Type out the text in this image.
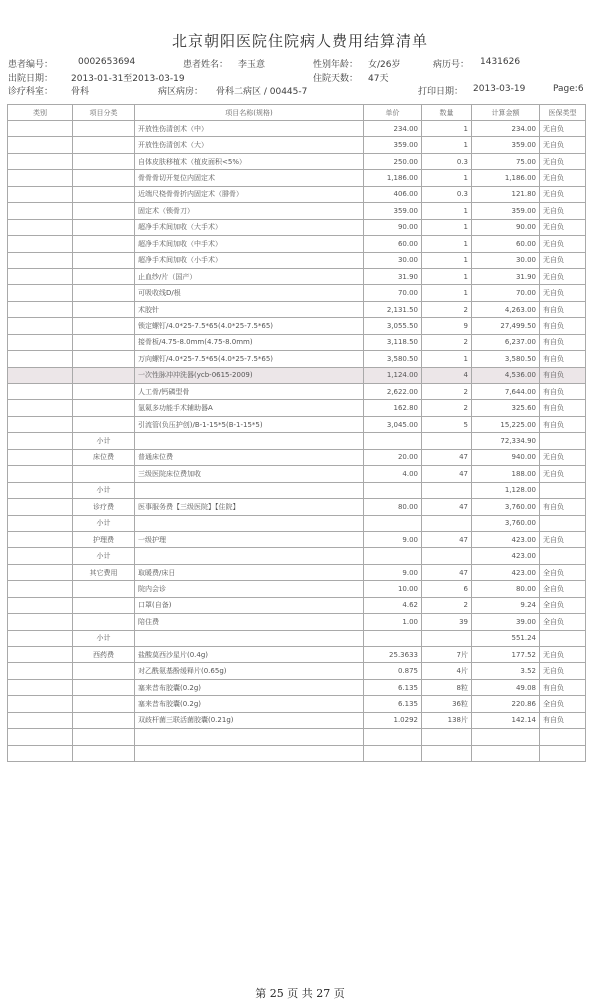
北京朝阳医院住院病人费用结算清单
患者编号：	0002653694	患者姓名： 李玉意	性别年龄： 女/26岁	病历号： 1431626
出院日期： 2013-01-31至2013-03-19	住院天数： 47天
诊疗科室： 骨科	病区病房： 骨科二病区 / 00445-7	打印日期： 2013-03-19	Page:6
类别	项目分类	项目名称(规格)	单价	数量	计算金额	医保类型
		开放性伤清创术（中）	234.00	1	234.00	无自负
		开放性伤清创术（大）	359.00	1	359.00	无自负
		自体皮肤移植术（植皮面积<5%）	250.00	0.3	75.00	无自负
		骨骨骨切开复位内固定术	1,186.00	1	1,186.00	无自负
		近端尺桡骨骨折内固定术（腓骨）	406.00	0.3	121.80	无自负
		固定术（锁骨刀）	359.00	1	359.00	无自负
		超净手术间加收（大手术）	90.00	1	90.00	无自负
		超净手术间加收（中手术）	60.00	1	60.00	无自负
		超净手术间加收（小手术）	30.00	1	30.00	无自负
		止血纱/片（国产）	31.90	1	31.90	无自负
		可吸收线D/根	70.00	1	70.00	无自负
		术胶针	2,131.50	2	4,263.00	有自负
		锁定螺钉/4.0*25-7.5*65(4.0*25-7.5*65)	3,055.50	9	27,499.50	有自负
		接骨板/4.75-8.0mm(4.75-8.0mm)	3,118.50	2	6,237.00	有自负
		万向螺钉/4.0*25-7.5*65(4.0*25-7.5*65)	3,580.50	1	3,580.50	有自负
		一次性脉冲冲洗器(ycb-0615-2009)	1,124.00	4	4,536.00	有自负
		人工骨/钙磷型骨	2,622.00	2	7,644.00	有自负
		氩氦多功能手术辅助器A	162.80	2	325.60	有自负
		引流管(负压护创)/B-1-15*5(B-1-15*5)	3,045.00	5	15,225.00	有自负
	小计				72,334.90	
	床位费	普通床位费	20.00	47	940.00	无自负
		三级医院床位费加收	4.00	47	188.00	无自负
	小计				1,128.00	
	诊疗费	医事服务费【三级医院】【住院】	80.00	47	3,760.00	有自负
	小计				3,760.00	
	护理费	一级护理	9.00	47	423.00	无自负
	小计				423.00	
	其它费用	取暖费/床日	9.00	47	423.00	全自负
		院内会诊	10.00	6	80.00	全自负
		口罩(自备)	4.62	2	9.24	全自负
		陪住费	1.00	39	39.00	全自负
	小计				551.24	
	西药费	盐酸莫西沙星片(0.4g)	25.3633	7片	177.52	无自负
		对乙酰氨基酚缓释片(0.65g)	0.875	4片	3.52	无自负
		塞来昔布胶囊(0.2g)	6.135	8粒	49.08	有自负
		塞来昔布胶囊(0.2g)	6.135	36粒	220.86	全自负
		双歧杆菌三联活菌胶囊(0.21g)	1.0292	138片	142.14	有自负

第 25 页 共 27 页
